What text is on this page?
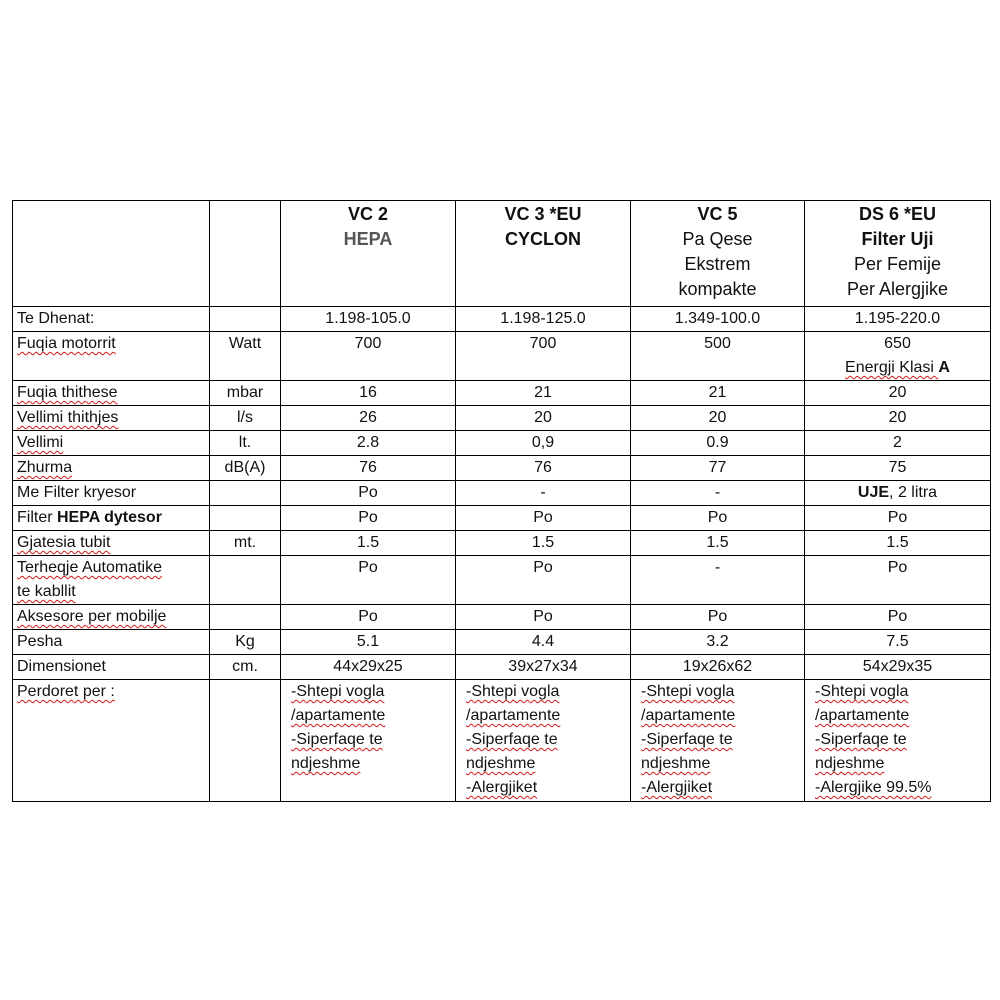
		VC 2
HEPA	VC 3 *EU
CYCLON	VC 5
Pa Qese
Ekstrem
kompakte	DS 6 *EU
Filter Uji
Per Femije
Per Alergjike

Te Dhenat:		1.198-105.0	1.198-125.0	1.349-100.0	1.195-220.0
Fuqia motorrit	Watt	700	700	500	650
Energji Klasi A

Fuqia thithese	mbar	16	21	21	20
Vellimi thithjes	l/s	26	20	20	20
Vellimi	lt.	2.8	0,9	0.9	2
Zhurma	dB(A)	76	76	77	75
Me Filter kryesor		Po	-	-	UJE, 2 litra
Filter HEPA dytesor		Po	Po	Po	Po
Gjatesia tubit	mt.	1.5	1.5	1.5	1.5

Terheqje Automatike
te kabllit		Po	Po	-	Po
Aksesore per mobilje		Po	Po	Po	Po
Pesha	Kg	5.1	4.4	3.2	7.5
Dimensionet	cm.	44x29x25	39x27x34	19x26x62	54x29x35
Perdoret per :		-Shtepi vogla
/apartamente
-Siperfaqe te
ndjeshme	-Shtepi vogla
/apartamente
-Siperfaqe te
ndjeshme
-Alergjiket	-Shtepi vogla
/apartamente
-Siperfaqe te
ndjeshme
-Alergjiket	-Shtepi vogla
/apartamente
-Siperfaqe te
ndjeshme
-Alergjike 99.5%
